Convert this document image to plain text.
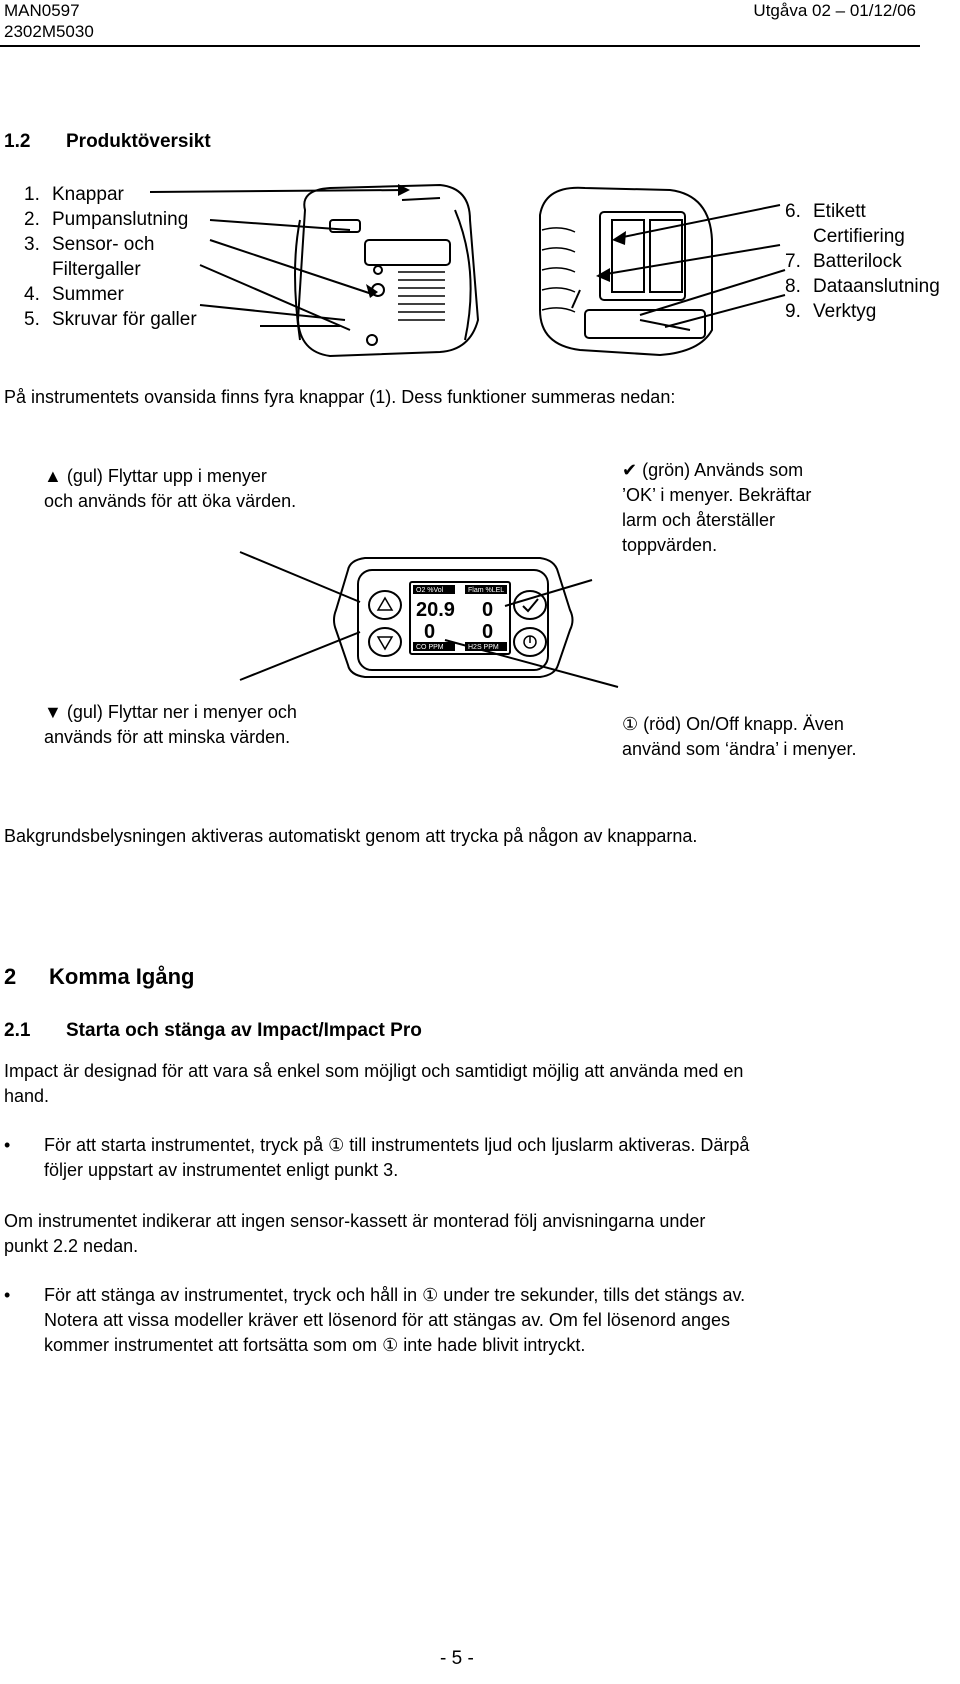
MAN0597
2302M5030
Utgåva 02 – 01/12/06
1.2 Produktöversikt
1. Knappar
2. Pumpanslutning
3. Sensor- och
Filtergaller
4. Summer
5. Skruvar för galler
6. Etikett
Certifiering
7. Batterilock
8. Dataanslutning
9. Verktyg
På instrumentets ovansida finns fyra knappar (1). Dess funktioner summeras nedan:
▲ (gul) Flyttar upp i menyer
och används för att öka värden.
✔ (grön) Används som
’OK’ i menyer. Bekräftar
larm och återställer
toppvärden.
▼ (gul) Flyttar ner i menyer och
används för att minska värden.
① (röd) On/Off knapp. Även
använd som ‘ändra’ i menyer.
O2 %Vol	Flam %LEL
CO PPM	H2S PPM
20.9 0
0 0
Bakgrundsbelysningen aktiveras automatiskt genom att trycka på någon av knapparna.
2 Komma Igång
2.1 Starta och stänga av Impact/Impact Pro
Impact är designad för att vara så enkel som möjligt och samtidigt möjlig att använda med en
hand.
• För att starta instrumentet, tryck på ① till instrumentets ljud och ljuslarm aktiveras. Därpå
följer uppstart av instrumentet enligt punkt 3.
Om instrumentet indikerar att ingen sensor-kassett är monterad följ anvisningarna under
punkt 2.2 nedan.
• För att stänga av instrumentet, tryck och håll in ① under tre sekunder, tills det stängs av.
Notera att vissa modeller kräver ett lösenord för att stängas av. Om fel lösenord anges
kommer instrumentet att fortsätta som om ① inte hade blivit intryckt.
- 5 -
